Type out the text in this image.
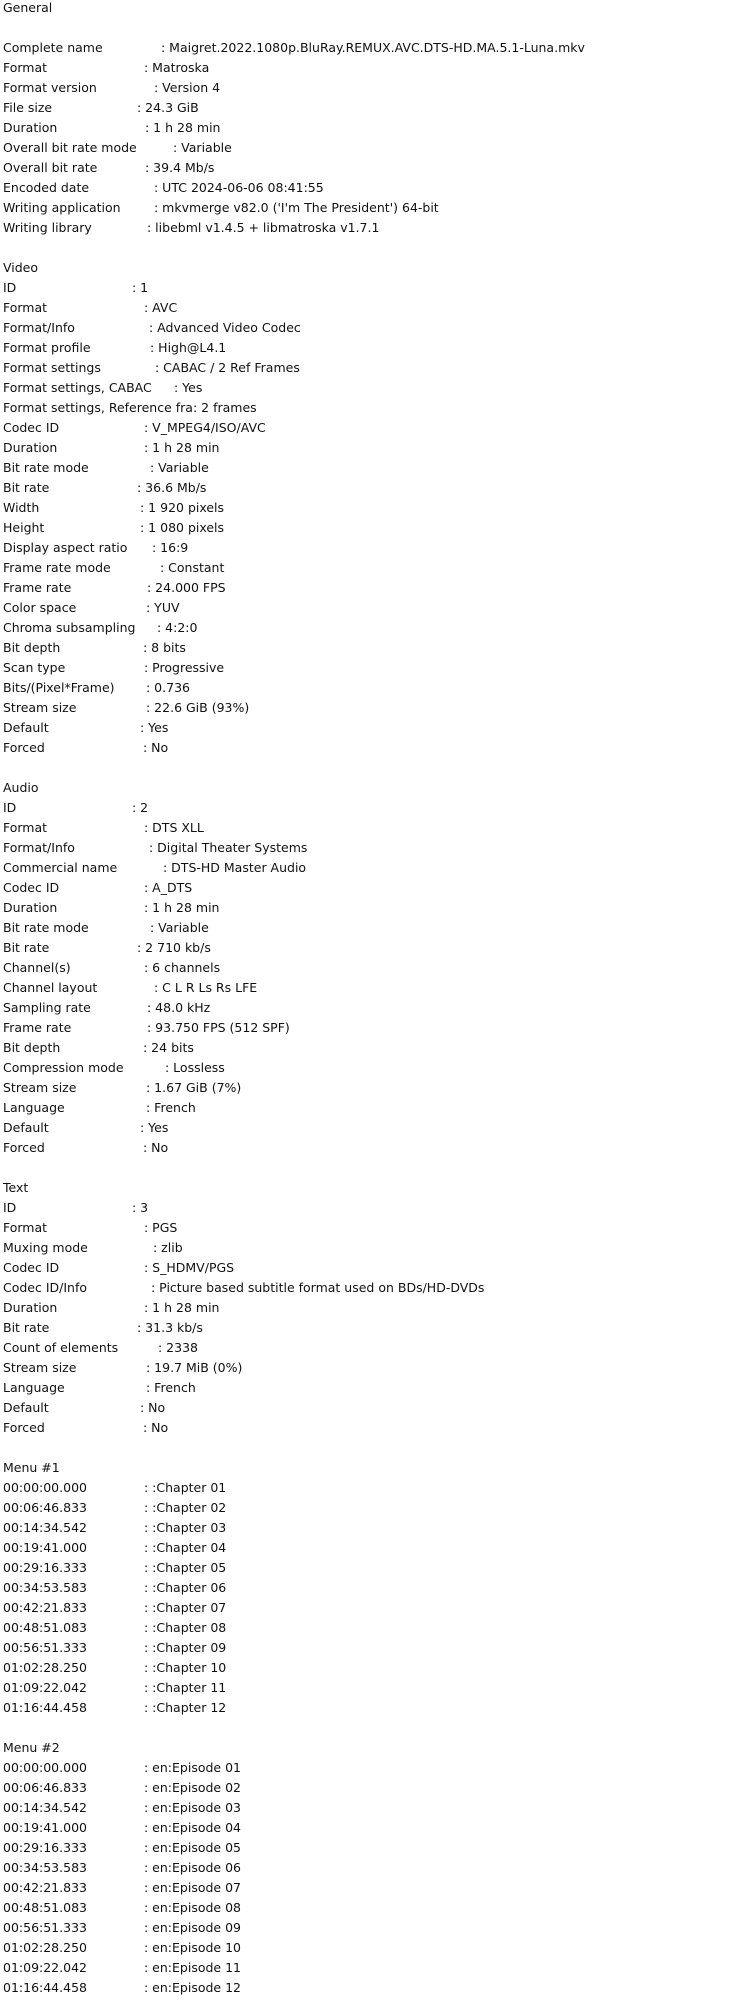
General
Complete name	: Maigret.2022.1080p.BluRay.REMUX.AVC.DTS-HD.MA.5.1-Luna.mkv
Format	: Matroska
Format version	: Version 4
File size	: 24.3 GiB
Duration	: 1 h 28 min
Overall bit rate mode	: Variable
Overall bit rate	: 39.4 Mb/s
Encoded date	: UTC 2024-06-06 08:41:55
Writing application	: mkvmerge v82.0 ('I'm The President') 64-bit
Writing library	: libebml v1.4.5 + libmatroska v1.7.1
Video
ID	: 1
Format	: AVC
Format/Info	: Advanced Video Codec
Format profile	: High@L4.1
Format settings	: CABAC / 2 Ref Frames
Format settings, CABAC : Yes
Format settings, Reference fra : 2 frames
Codec ID	: V_MPEG4/ISO/AVC
Duration	: 1 h 28 min
Bit rate mode	: Variable
Bit rate	: 36.6 Mb/s
Width	: 1 920 pixels
Height	: 1 080 pixels
Display aspect ratio : 16:9
Frame rate mode	: Constant
Frame rate	: 24.000 FPS
Color space	: YUV
Chroma subsampling : 4:2:0
Bit depth	: 8 bits
Scan type	: Progressive
Bits/(Pixel*Frame)	: 0.736
Stream size	: 22.6 GiB (93%)
Default	: Yes
Forced	: No
Audio
ID	: 2
Format	: DTS XLL
Format/Info	: Digital Theater Systems
Commercial name	: DTS-HD Master Audio
Codec ID	: A_DTS
Duration	: 1 h 28 min
Bit rate mode	: Variable
Bit rate	: 2 710 kb/s
Channel(s)	: 6 channels
Channel layout	: C L R Ls Rs LFE
Sampling rate	: 48.0 kHz
Frame rate	: 93.750 FPS (512 SPF)
Bit depth	: 24 bits
Compression mode	: Lossless
Stream size	: 1.67 GiB (7%)
Language	: French
Default	: Yes
Forced	: No
Text
ID	: 3
Format	: PGS
Muxing mode	: zlib
Codec ID	: S_HDMV/PGS
Codec ID/Info	: Picture based subtitle format used on BDs/HD-DVDs
Duration	: 1 h 28 min
Bit rate	: 31.3 kb/s
Count of elements	: 2338
Stream size	: 19.7 MiB (0%)
Language	: French
Default	: No
Forced	: No
Menu #1
00:00:00.000	: :Chapter 01
00:06:46.833	: :Chapter 02
00:14:34.542	: :Chapter 03
00:19:41.000	: :Chapter 04
00:29:16.333	: :Chapter 05
00:34:53.583	: :Chapter 06
00:42:21.833	: :Chapter 07
00:48:51.083	: :Chapter 08
00:56:51.333	: :Chapter 09
01:02:28.250	: :Chapter 10
01:09:22.042	: :Chapter 11
01:16:44.458	: :Chapter 12
Menu #2
00:00:00.000	: en:Episode 01
00:06:46.833	: en:Episode 02
00:14:34.542	: en:Episode 03
00:19:41.000	: en:Episode 04
00:29:16.333	: en:Episode 05
00:34:53.583	: en:Episode 06
00:42:21.833	: en:Episode 07
00:48:51.083	: en:Episode 08
00:56:51.333	: en:Episode 09
01:02:28.250	: en:Episode 10
01:09:22.042	: en:Episode 11
01:16:44.458	: en:Episode 12
